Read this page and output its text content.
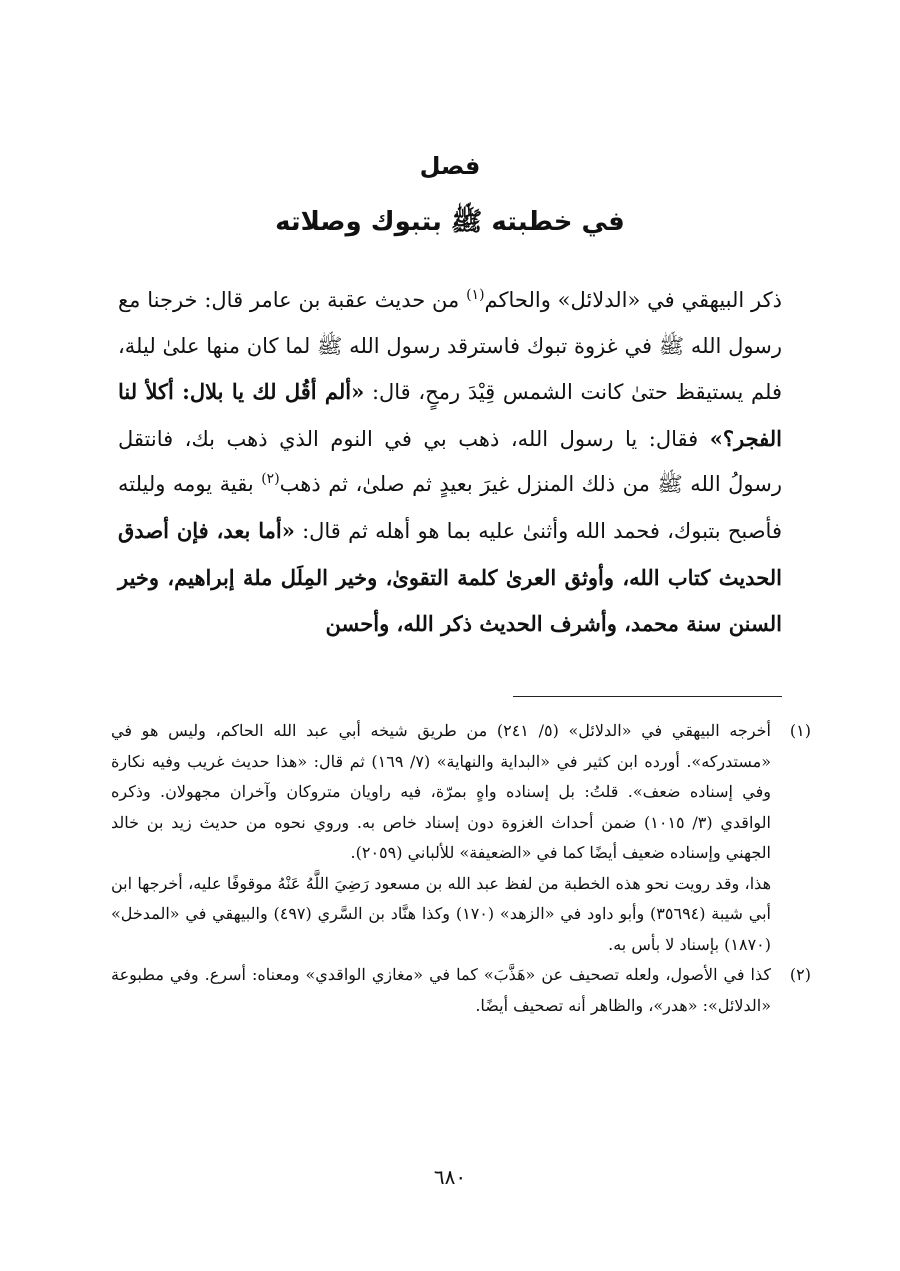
فصل
في خطبته ﷺ بتبوك وصلاته

ذكر البيهقي في «الدلائل» والحاكم$^{(١)}$ من حديث عقبة بن عامر قال: خرجنا مع رسول الله ﷺ في غزوة تبوك فاسترقد رسول الله ﷺ لما كان منها علىٰ ليلة، فلم يستيقظ حتىٰ كانت الشمس قِيْدَ رمحٍ، قال: «ألم أقُل لك يا بلال: أكلأ لنا الفجر؟» فقال: يا رسول الله، ذهب بي في النوم الذي ذهب بك، فانتقل رسولُ الله ﷺ من ذلك المنزل غيرَ بعيدٍ ثم صلىٰ، ثم ذهب$^{(٢)}$ بقية يومه وليلته فأصبح بتبوك، فحمد الله وأثنىٰ عليه بما هو أهله ثم قال: «أما بعد، فإن أصدق الحديث كتاب الله، وأوثق العرىٰ كلمة التقوىٰ، وخير المِلَل ملة إبراهيم، وخير السنن سنة محمد، وأشرف الحديث ذكر الله، وأحسن

(١)

أخرجه البيهقي في «الدلائل» (٥/ ٢٤١) من طريق شيخه أبي عبد الله الحاكم، وليس هو في «مستدركه». أورده ابن كثير في «البداية والنهاية» (٧/ ١٦٩) ثم قال: «هذا حديث غريب وفيه نكارة وفي إسناده ضعف». قلتُ: بل إسناده واهٍ بمرّة، فيه راويان متروكان وآخران مجهولان. وذكره الواقدي (٣/ ١٠١٥) ضمن أحداث الغزوة دون إسناد خاص به. وروي نحوه من حديث زيد بن خالد الجهني وإسناده ضعيف أيضًا كما في «الضعيفة» للألباني (٢٠٥٩).

هذا، وقد رويت نحو هذه الخطبة من لفظ عبد الله بن مسعود رَضِيَ اللَّهُ عَنْهُ موقوفًا عليه، أخرجها ابن أبي شيبة (٣٥٦٩٤) وأبو داود في «الزهد» (١٧٠) وكذا هنَّاد بن السَّري (٤٩٧) والبيهقي في «المدخل» (١٨٧٠) بإسناد لا بأس به.

(٢)

كذا في الأصول، ولعله تصحيف عن «هَذَّبَ» كما في «مغازي الواقدي» ومعناه: أسرع. وفي مطبوعة «الدلائل»: «هدر»، والظاهر أنه تصحيف أيضًا.

٦٨٠
